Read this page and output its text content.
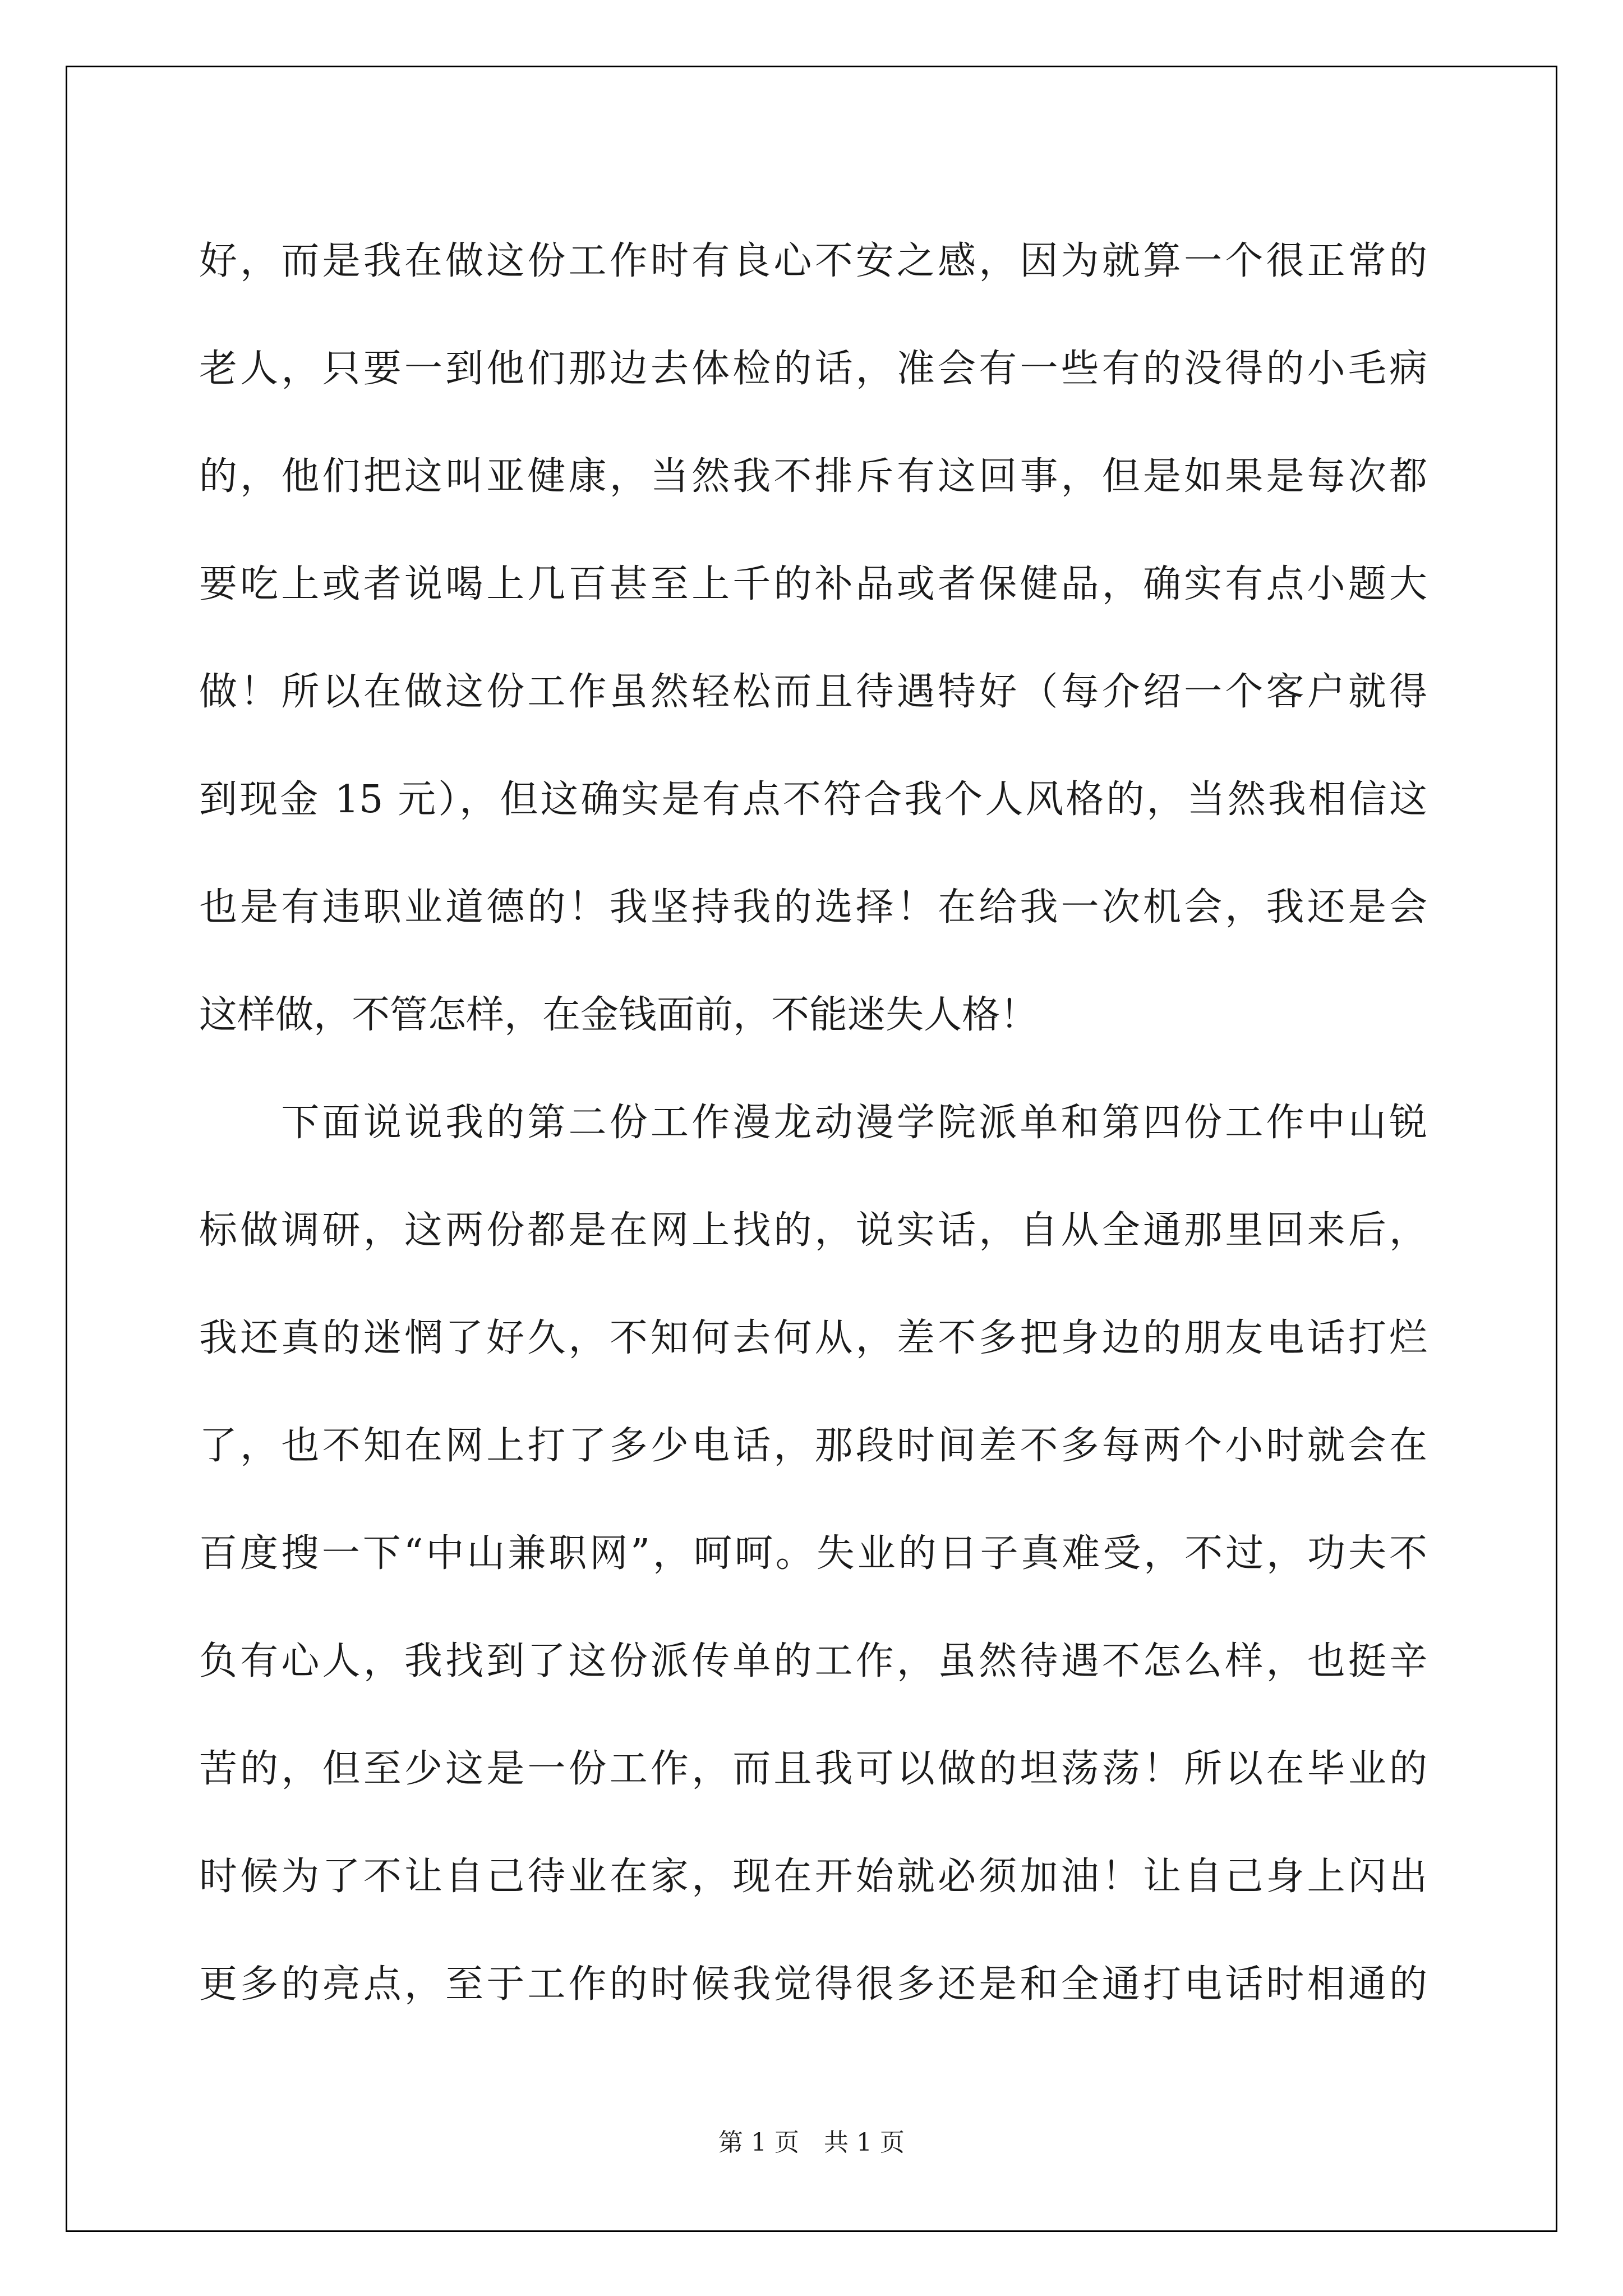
好，而是我在做这份工作时有良心不安之感，因为就算一个很正常的
老人，只要一到他们那边去体检的话，准会有一些有的没得的小毛病
的，他们把这叫亚健康，当然我不排斥有这回事，但是如果是每次都
要吃上或者说喝上几百甚至上千的补品或者保健品，确实有点小题大
做！所以在做这份工作虽然轻松而且待遇特好（每介绍一个客户就得
到现金 15 元），但这确实是有点不符合我个人风格的，当然我相信这
也是有违职业道德的！我坚持我的选择！在给我一次机会，我还是会
这样做，不管怎样，在金钱面前，不能迷失人格！
　　下面说说我的第二份工作漫龙动漫学院派单和第四份工作中山锐
标做调研，这两份都是在网上找的，说实话，自从全通那里回来后，
我还真的迷惘了好久，不知何去何从，差不多把身边的朋友电话打烂
了，也不知在网上打了多少电话，那段时间差不多每两个小时就会在
百度搜一下“中山兼职网”，呵呵。失业的日子真难受，不过，功夫不
负有心人，我找到了这份派传单的工作，虽然待遇不怎么样，也挺辛
苦的，但至少这是一份工作，而且我可以做的坦荡荡！所以在毕业的
时候为了不让自己待业在家，现在开始就必须加油！让自己身上闪出
更多的亮点，至于工作的时候我觉得很多还是和全通打电话时相通的
第 1 页　共 1 页
